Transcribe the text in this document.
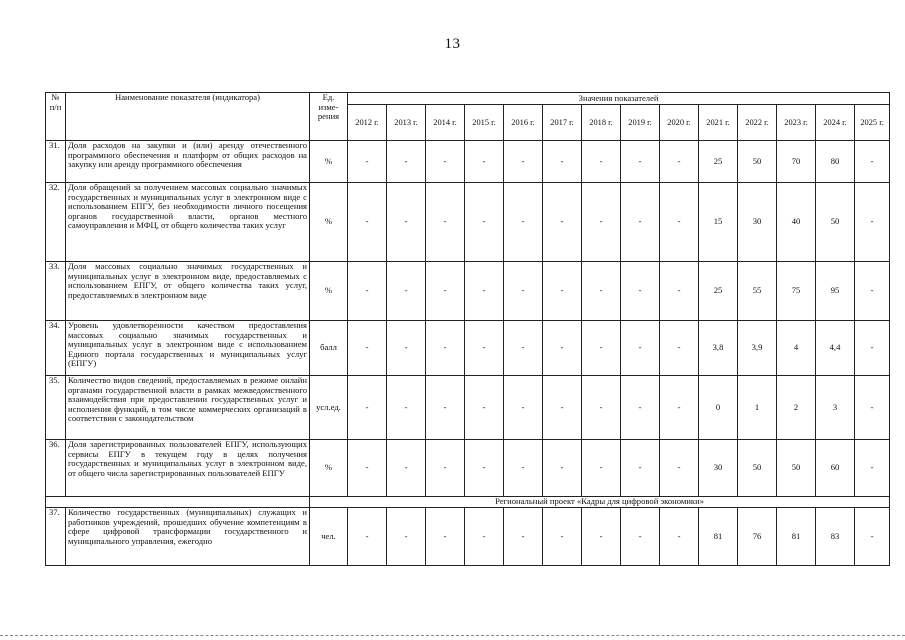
13
№ п/п	Наименование показателя (индикатора)	Ед. изме-рения	Значения показателей													
			2012 г.	2013 г.	2014 г.	2015 г.	2016 г.	2017 г.	2018 г.	2019 г.	2020 г.	2021 г.	2022 г.	2023 г.	2024 г.	2025 г.
31.	Доля расходов на закупки и (или) аренду отечественного программного обеспечения и платформ от общих расходов на закупку или аренду программного обеспечения	%	-	-	-	-	-	-	-	-	-	25	50	70	80	-
32.	Доля обращений за получением массовых социально значимых государственных и муниципальных услуг в электронном виде с использованием ЕПГУ, без необходимости личного посещения органов государственной власти, органов местного самоуправления и МФЦ, от общего количества таких услуг	%	-	-	-	-	-	-	-	-	-	15	30	40	50	-
33.	Доля массовых социально значимых государственных и муниципальных услуг в электронном виде, предоставляемых с использованием ЕПГУ, от общего количества таких услуг, предоставляемых в электронном виде	%	-	-	-	-	-	-	-	-	-	25	55	75	95	-
34.	Уровень удовлетворенности качеством предоставления массовых социально значимых государственных и муниципальных услуг в электронном виде с использованием Единого портала государственных и муниципальных услуг (ЕПГУ)	балл	-	-	-	-	-	-	-	-	-	3,8	3,9	4	4,4	-
35.	Количество видов сведений, предоставляемых в режиме онлайн органами государственной власти в рамках межведомственного взаимодействия при предоставлении государственных услуг и исполнения функций, в том числе коммерческих организаций в соответствии с законодательством	усл.ед.	-	-	-	-	-	-	-	-	-	0	1	2	3	-
36.	Доля зарегистрированных пользователей ЕПГУ, использующих сервисы ЕПГУ в текущем году в целях получения государственных и муниципальных услуг в электронном виде, от общего числа зарегистрированных пользователей ЕПГУ	%	-	-	-	-	-	-	-	-	-	30	50	50	60	-
		Региональный проект «Кадры для цифровой экономики»														
37.	Количество государственных (муниципальных) служащих и работников учреждений, прошедших обучение компетенциям в сфере цифровой трансформации государственного и муниципального управления, ежегодно	чел.	-	-	-	-	-	-	-	-	-	81	76	81	83	-
